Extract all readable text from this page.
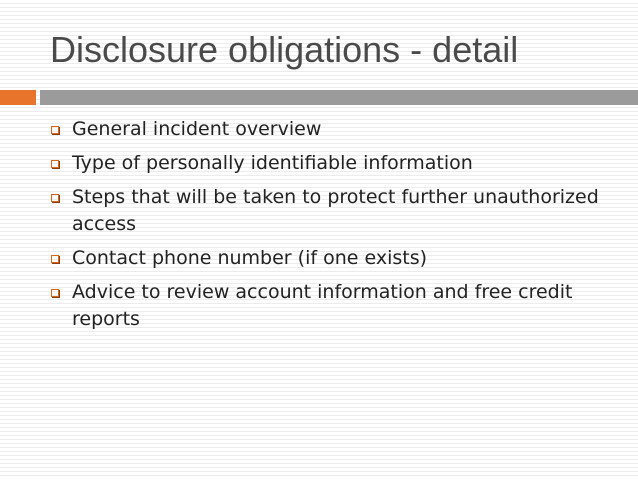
Disclosure obligations - detail
General incident overview
Type of personally identifiable information
Steps that will be taken to protect further unauthorized access
Contact phone number (if one exists)
Advice to review account information and free credit reports
